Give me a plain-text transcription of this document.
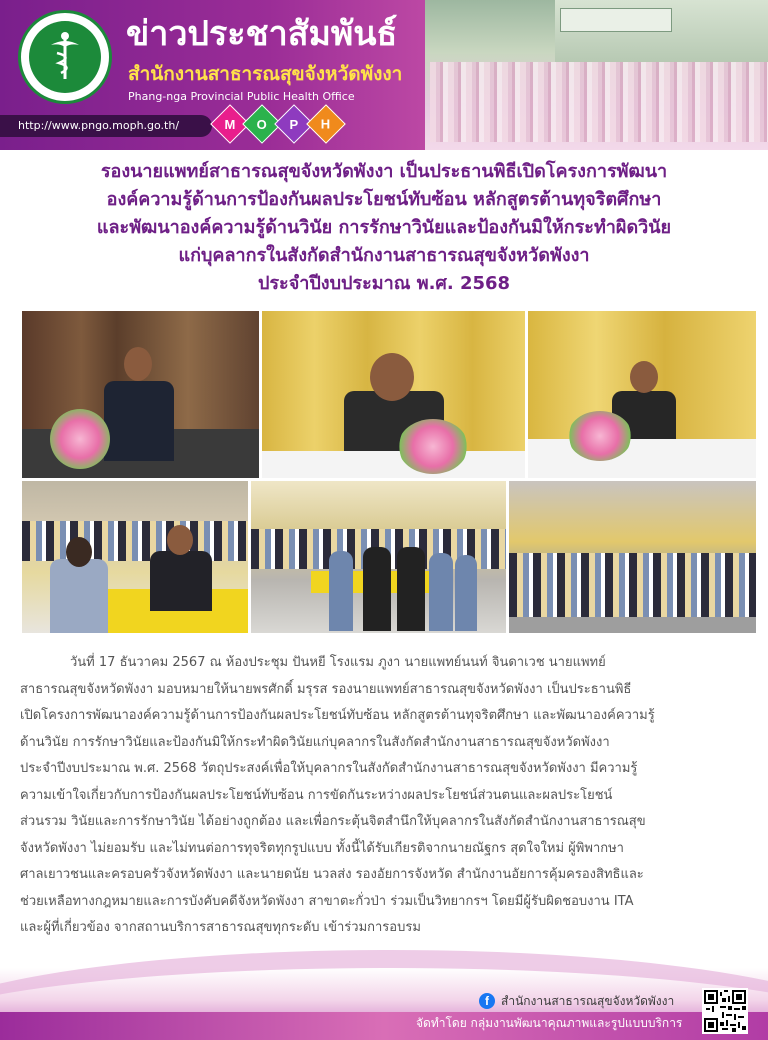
ข่าวประชาสัมพันธ์
สำนักงานสาธารณสุขจังหวัดพังงา
Phang-nga Provincial Public Health Office
http://www.pngo.moph.go.th/	M O P H
รองนายแพทย์สาธารณสุขจังหวัดพังงา เป็นประธานพิธีเปิดโครงการพัฒนา
องค์ความรู้ด้านการป้องกันผลประโยชน์ทับซ้อน หลักสูตรต้านทุจริตศึกษา
และพัฒนาองค์ความรู้ด้านวินัย การรักษาวินัยและป้องกันมิให้กระทำผิดวินัย
แก่บุคลากรในสังกัดสำนักงานสาธารณสุขจังหวัดพังงา
ประจำปีงบประมาณ พ.ศ. 2568
วันที่ 17 ธันวาคม 2567 ณ ห้องประชุม ปันหยี โรงแรม ภูงา นายแพทย์นนท์ จินดาเวช นายแพทย์
สาธารณสุขจังหวัดพังงา มอบหมายให้นายพรศักดิ์ มรุรส รองนายแพทย์สาธารณสุขจังหวัดพังงา เป็นประธานพิธี
เปิดโครงการพัฒนาองค์ความรู้ด้านการป้องกันผลประโยชน์ทับซ้อน หลักสูตรต้านทุจริตศึกษา และพัฒนาองค์ความรู้
ด้านวินัย การรักษาวินัยและป้องกันมิให้กระทำผิดวินัยแก่บุคลากรในสังกัดสำนักงานสาธารณสุขจังหวัดพังงา
ประจำปีงบประมาณ พ.ศ. 2568 วัตถุประสงค์เพื่อให้บุคลากรในสังกัดสำนักงานสาธารณสุขจังหวัดพังงา มีความรู้
ความเข้าใจเกี่ยวกับการป้องกันผลประโยชน์ทับซ้อน การขัดกันระหว่างผลประโยชน์ส่วนตนและผลประโยชน์
ส่วนรวม วินัยและการรักษาวินัย ได้อย่างถูกต้อง และเพื่อกระตุ้นจิตสำนึกให้บุคลากรในสังกัดสำนักงานสาธารณสุข
จังหวัดพังงา ไม่ยอมรับ และไม่ทนต่อการทุจริตทุกรูปแบบ ทั้งนี้ได้รับเกียรติจากนายณัฐกร สุดใจใหม่ ผู้พิพากษา
ศาลเยาวชนและครอบครัวจังหวัดพังงา และนายดนัย นวลส่ง รองอัยการจังหวัด สำนักงานอัยการคุ้มครองสิทธิและ
ช่วยเหลือทางกฎหมายและการบังคับคดีจังหวัดพังงา สาขาตะกั่วป่า ร่วมเป็นวิทยากรฯ โดยมีผู้รับผิดชอบงาน ITA
และผู้ที่เกี่ยวข้อง จากสถานบริการสาธารณสุขทุกระดับ เข้าร่วมการอบรม
f	สำนักงานสาธารณสุขจังหวัดพังงา
จัดทำโดย กลุ่มงานพัฒนาคุณภาพและรูปแบบบริการ
